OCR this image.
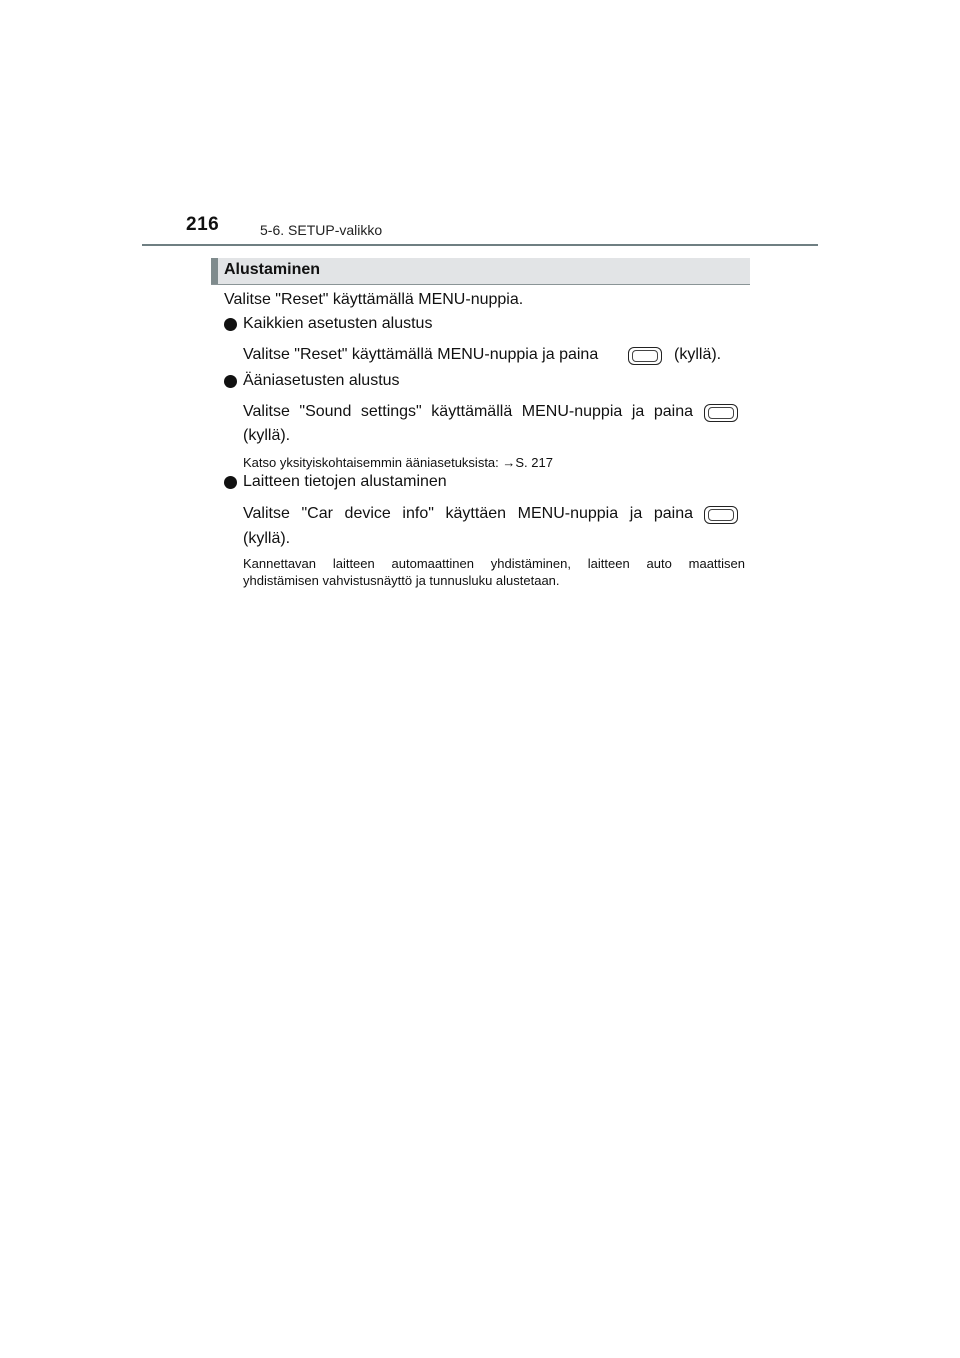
216	5-6. SETUP-valikko
Alustaminen
Valitse "Reset" käyttämällä MENU-nuppia.
Kaikkien asetusten alustus
Valitse "Reset" käyttämällä MENU-nuppia ja paina	(kyllä).
Ääniasetusten alustus
Valitse "Sound settings" käyttämällä MENU-nuppia ja paina
(kyllä).
Katso yksityiskohtaisemmin ääniasetuksista: →S. 217
Laitteen tietojen alustaminen
Valitse "Car device info" käyttäen MENU-nuppia ja paina
(kyllä).
Kannettavan laitteen automaattinen yhdistäminen, laitteen auto maattisen
yhdistämisen vahvistusnäyttö ja tunnusluku alustetaan.
